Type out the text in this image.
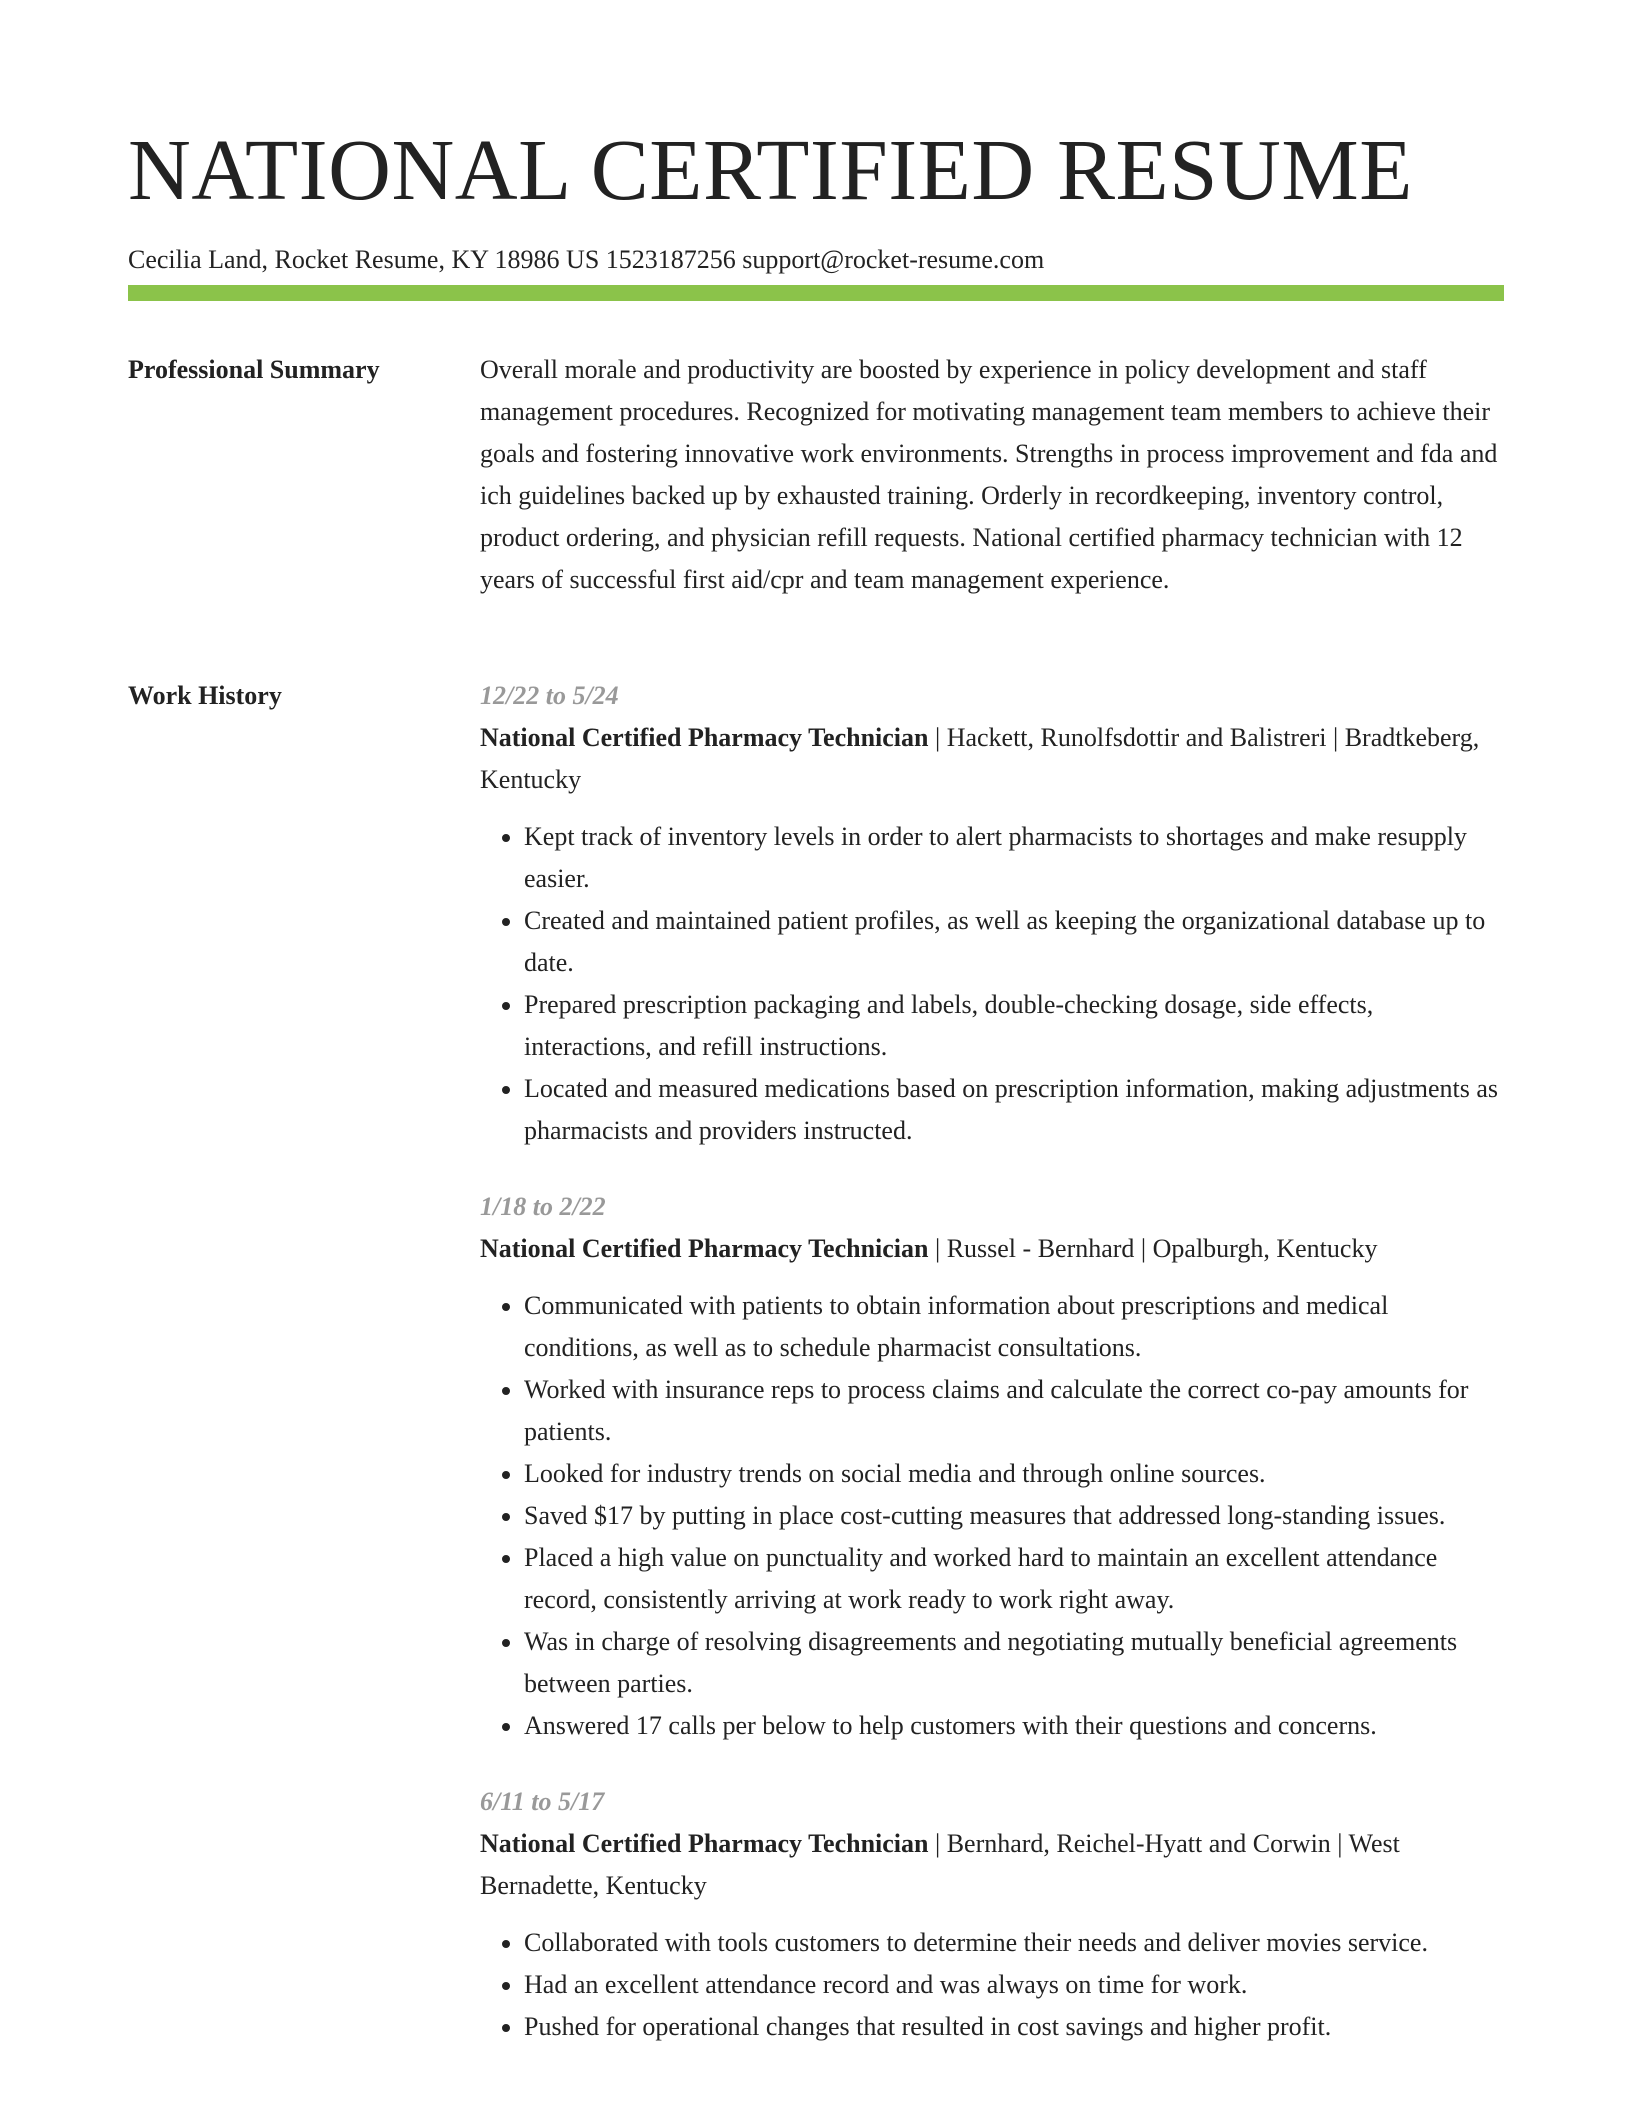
NATIONAL CERTIFIED RESUME
Cecilia Land, Rocket Resume, KY 18986 US 1523187256 support@rocket-resume.com
Professional Summary	Overall morale and productivity are boosted by experience in policy development and staff management procedures. Recognized for motivating management team members to achieve their goals and fostering innovative work environments. Strengths in process improvement and fda and ich guidelines backed up by exhausted training. Orderly in recordkeeping, inventory control, product ordering, and physician refill requests. National certified pharmacy technician with 12 years of successful first aid/cpr and team management experience.

Work History	12/22 to 5/24

National Certified Pharmacy Technician | Hackett, Runolfsdottir and Balistreri | Bradtkeberg, Kentucky

• Kept track of inventory levels in order to alert pharmacists to shortages and make resupply easier.
• Created and maintained patient profiles, as well as keeping the organizational database up to date.
• Prepared prescription packaging and labels, double-checking dosage, side effects, interactions, and refill instructions.
• Located and measured medications based on prescription information, making adjustments as pharmacists and providers instructed.

1/18 to 2/22

National Certified Pharmacy Technician | Russel - Bernhard | Opalburgh, Kentucky

• Communicated with patients to obtain information about prescriptions and medical conditions, as well as to schedule pharmacist consultations.
• Worked with insurance reps to process claims and calculate the correct co-pay amounts for patients.
• Looked for industry trends on social media and through online sources.
• Saved $17 by putting in place cost-cutting measures that addressed long-standing issues.
• Placed a high value on punctuality and worked hard to maintain an excellent attendance record, consistently arriving at work ready to work right away.
• Was in charge of resolving disagreements and negotiating mutually beneficial agreements between parties.
• Answered 17 calls per below to help customers with their questions and concerns.

6/11 to 5/17

National Certified Pharmacy Technician | Bernhard, Reichel-Hyatt and Corwin | West Bernadette, Kentucky

• Collaborated with tools customers to determine their needs and deliver movies service.
• Had an excellent attendance record and was always on time for work.
• Pushed for operational changes that resulted in cost savings and higher profit.
